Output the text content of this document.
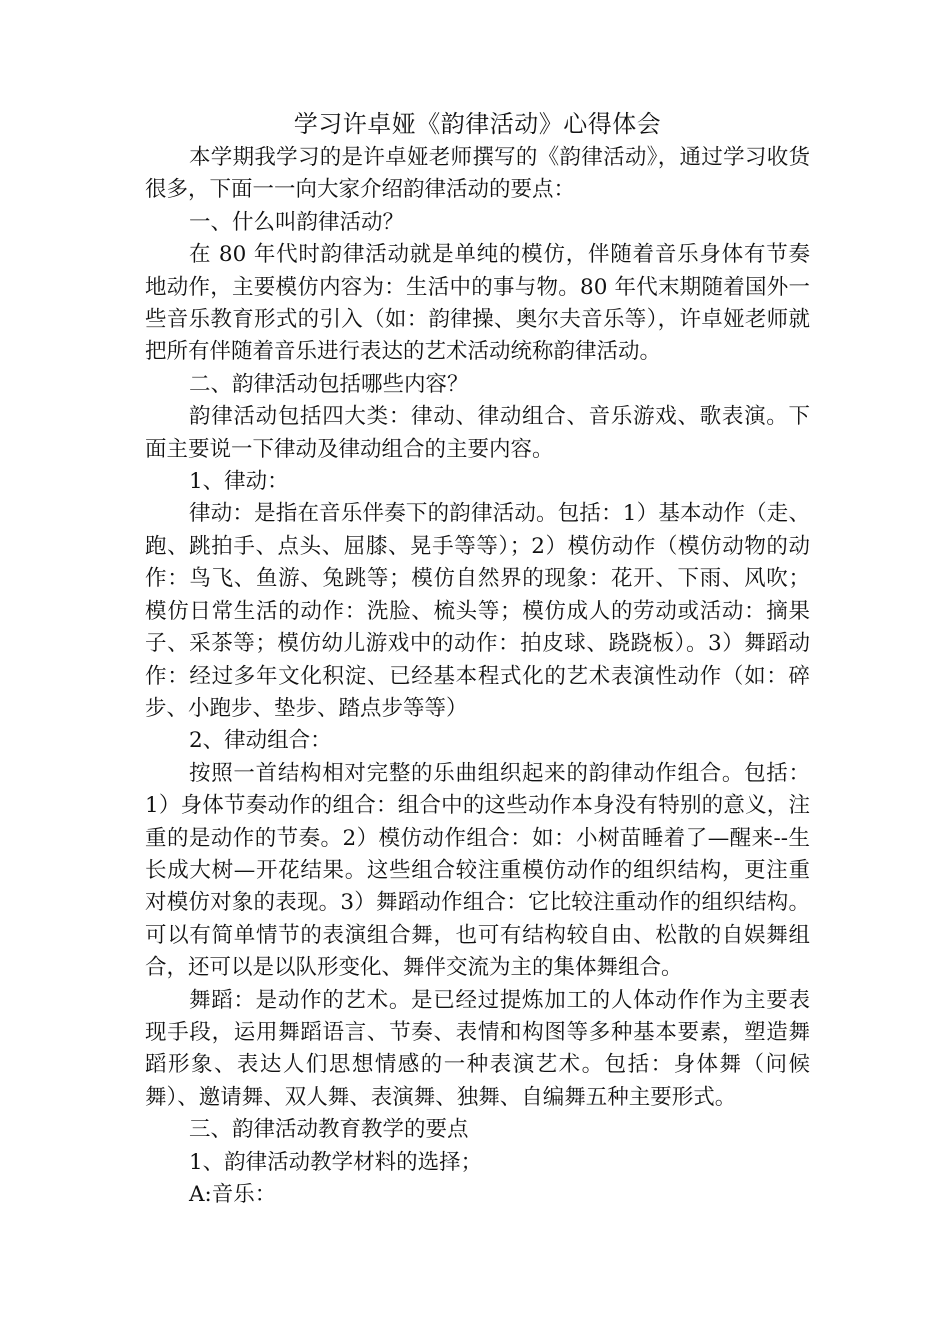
学习许卓娅《韵律活动》心得体会

本学期我学习的是许卓娅老师撰写的《韵律活动》，通过学习收货很多，下面一一向大家介绍韵律活动的要点：

一、什么叫韵律活动？

在 80 年代时韵律活动就是单纯的模仿，伴随着音乐身体有节奏地动作，主要模仿内容为：生活中的事与物。80 年代末期随着国外一些音乐教育形式的引入（如：韵律操、奥尔夫音乐等），许卓娅老师就把所有伴随着音乐进行表达的艺术活动统称韵律活动。

二、韵律活动包括哪些内容？

韵律活动包括四大类：律动、律动组合、音乐游戏、歌表演。下面主要说一下律动及律动组合的主要内容。

1、律动：

律动：是指在音乐伴奏下的韵律活动。包括：1）基本动作（走、跑、跳拍手、点头、屈膝、晃手等等）；2）模仿动作（模仿动物的动作：鸟飞、鱼游、兔跳等；模仿自然界的现象：花开、下雨、风吹；模仿日常生活的动作：洗脸、梳头等；模仿成人的劳动或活动：摘果子、采茶等；模仿幼儿游戏中的动作：拍皮球、跷跷板）。3）舞蹈动作：经过多年文化积淀、已经基本程式化的艺术表演性动作（如：碎步、小跑步、垫步、踏点步等等）

2、律动组合：

按照一首结构相对完整的乐曲组织起来的韵律动作组合。包括：1）身体节奏动作的组合：组合中的这些动作本身没有特别的意义，注重的是动作的节奏。2）模仿动作组合：如：小树苗睡着了—醒来--生长成大树—开花结果。这些组合较注重模仿动作的组织结构，更注重对模仿对象的表现。3）舞蹈动作组合：它比较注重动作的组织结构。可以有简单情节的表演组合舞，也可有结构较自由、松散的自娱舞组合，还可以是以队形变化、舞伴交流为主的集体舞组合。

舞蹈：是动作的艺术。是已经过提炼加工的人体动作作为主要表现手段，运用舞蹈语言、节奏、表情和构图等多种基本要素，塑造舞蹈形象、表达人们思想情感的一种表演艺术。包括：身体舞（问候舞）、邀请舞、双人舞、表演舞、独舞、自编舞五种主要形式。

三、韵律活动教育教学的要点

1、韵律活动教学材料的选择；

A:音乐：
